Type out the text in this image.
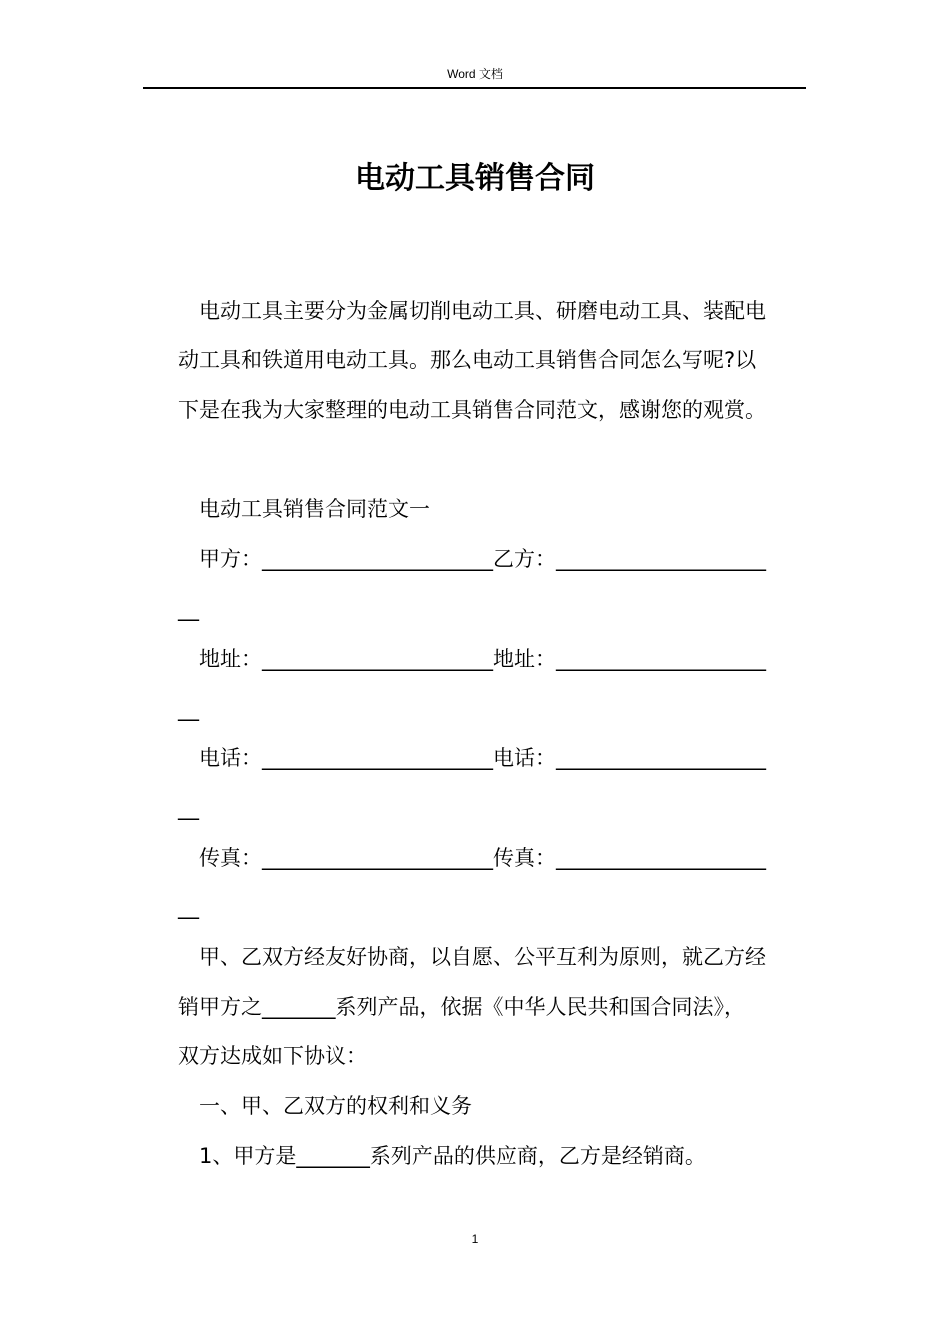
Word 文档
电动工具销售合同
　电动工具主要分为金属切削电动工具、研磨电动工具、装配电
动工具和铁道用电动工具。那么电动工具销售合同怎么写呢?以
下是在我为大家整理的电动工具销售合同范文，感谢您的观赏。
　电动工具销售合同范文一
　甲方：______________________乙方：____________________
__
　地址：______________________地址：____________________
__
　电话：______________________电话：____________________
__
　传真：______________________传真：____________________
__
　甲、乙双方经友好协商，以自愿、公平互利为原则，就乙方经
销甲方之_______系列产品，依据《中华人民共和国合同法》，
双方达成如下协议：
　一、甲、乙双方的权利和义务
　1、甲方是_______系列产品的供应商，乙方是经销商。
1
